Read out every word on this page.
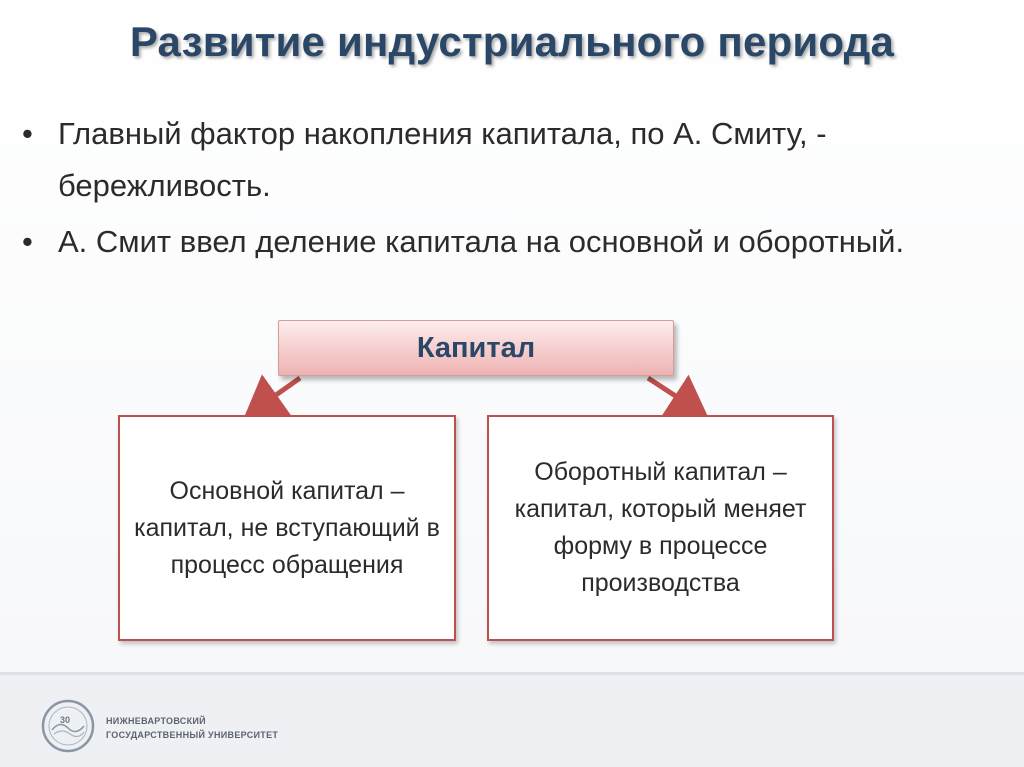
Развитие индустриального периода
• Главный фактор накопления капитала, по А. Смиту, - бережливость.
• А. Смит ввел деление капитала на основной и оборотный.
Капитал
Основной капитал – капитал, не вступающий в процесс обращения
Оборотный капитал – капитал, который меняет форму в процессе производства
30	НИЖНЕВАРТОВСКИЙ
ГОСУДАРСТВЕННЫЙ УНИВЕРСИТЕТ
